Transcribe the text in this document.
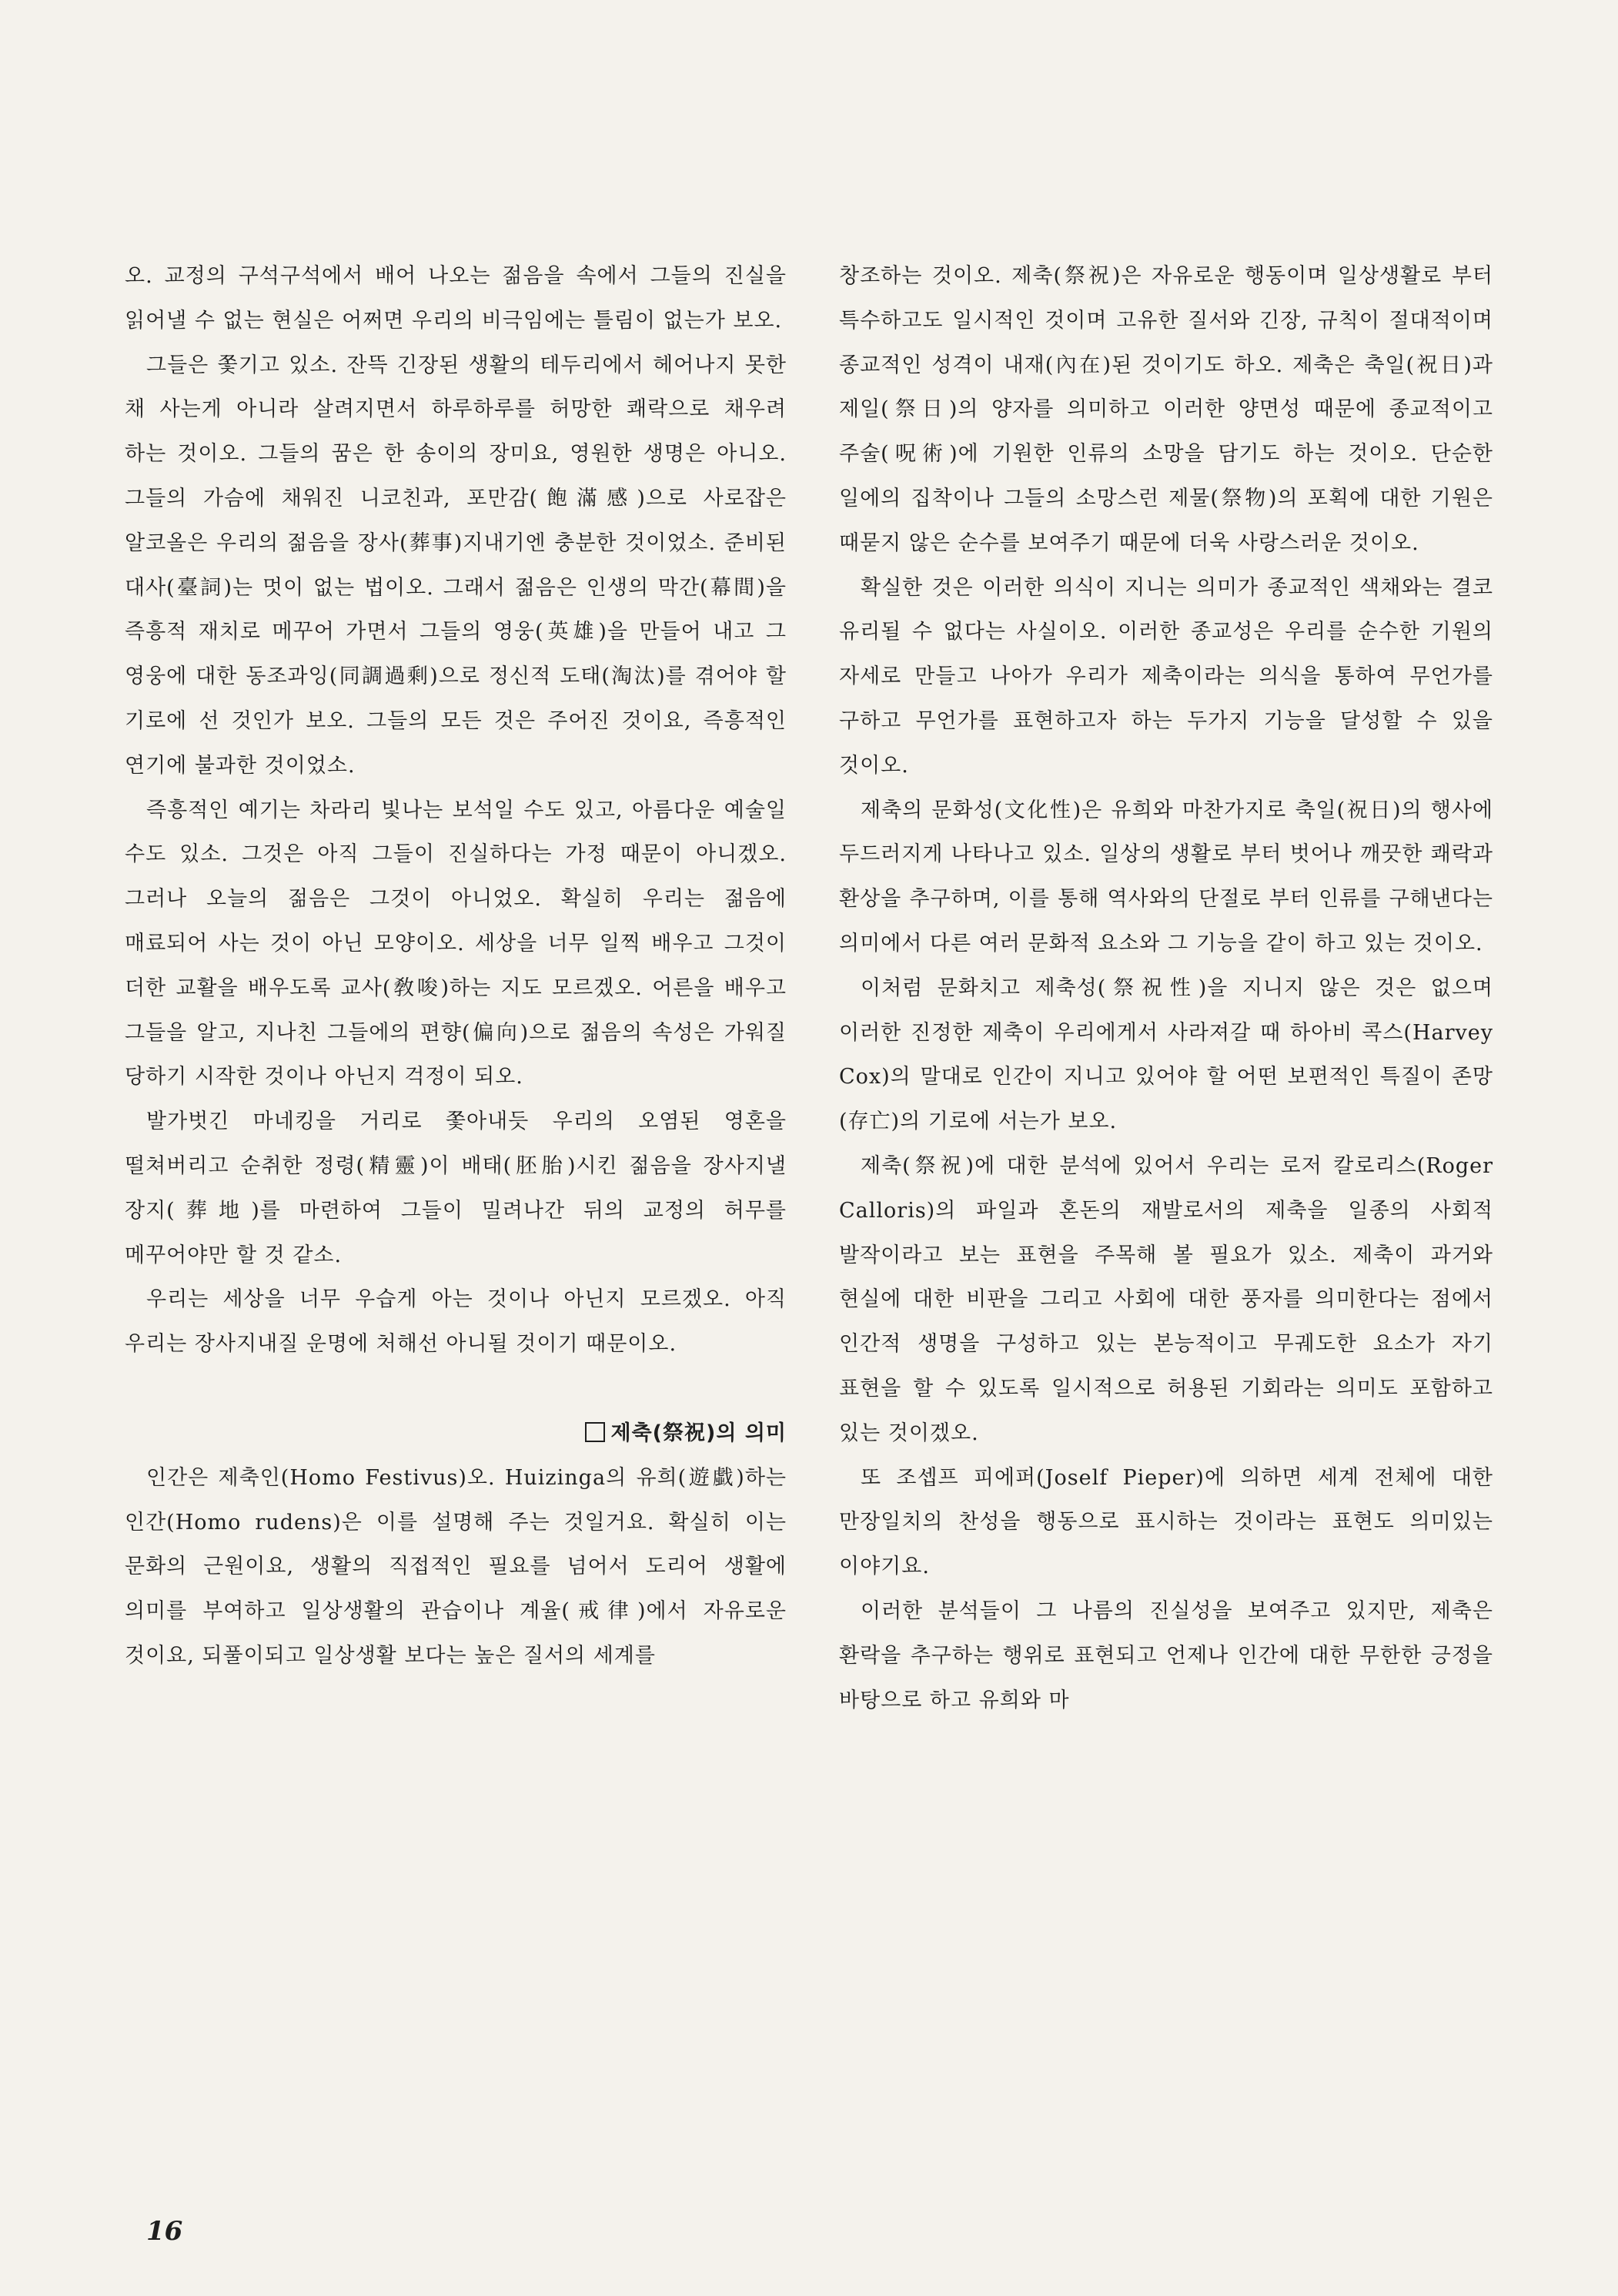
오. 교정의 구석구석에서 배어 나오는 젊음을 속에서 그들의 진실을 읽어낼 수 없는 현실은 어쩌면 우리의 비극임에는 틀림이 없는가 보오.

그들은 쫓기고 있소. 잔뜩 긴장된 생활의 테두리에서 헤어나지 못한 채 사는게 아니라 살려지면서 하루하루를 허망한 쾌락으로 채우려 하는 것이오. 그들의 꿈은 한 송이의 장미요, 영원한 생명은 아니오. 그들의 가슴에 채워진 니코친과, 포만감(飽滿感)으로 사로잡은 알코올은 우리의 젊음을 장사(葬事)지내기엔 충분한 것이었소. 준비된 대사(臺詞)는 멋이 없는 법이오. 그래서 젊음은 인생의 막간(幕間)을 즉흥적 재치로 메꾸어 가면서 그들의 영웅(英雄)을 만들어 내고 그 영웅에 대한 동조과잉(同調過剩)으로 정신적 도태(淘汰)를 겪어야 할 기로에 선 것인가 보오. 그들의 모든 것은 주어진 것이요, 즉흥적인 연기에 불과한 것이었소.

즉흥적인 예기는 차라리 빛나는 보석일 수도 있고, 아름다운 예술일 수도 있소. 그것은 아직 그들이 진실하다는 가정 때문이 아니겠오. 그러나 오늘의 젊음은 그것이 아니었오. 확실히 우리는 젊음에 매료되어 사는 것이 아닌 모양이오. 세상을 너무 일찍 배우고 그것이 더한 교활을 배우도록 교사(敎唆)하는 지도 모르겠오. 어른을 배우고 그들을 알고, 지나친 그들에의 편향(偏向)으로 젊음의 속성은 가워질 당하기 시작한 것이나 아닌지 걱정이 되오.

발가벗긴 마네킹을 거리로 쫓아내듯 우리의 오염된 영혼을 떨쳐버리고 순취한 정령(精靈)이 배태(胚胎)시킨 젊음을 장사지낼 장지(葬地)를 마련하여 그들이 밀려나간 뒤의 교정의 허무를 메꾸어야만 할 것 같소.

우리는 세상을 너무 우습게 아는 것이나 아닌지 모르겠오. 아직 우리는 장사지내질 운명에 처해선 아니될 것이기 때문이오.

제축(祭祝)의 의미

인간은 제축인(Homo Festivus)오. Huizinga의 유희(遊戱)하는 인간(Homo rudens)은 이를 설명해 주는 것일거요. 확실히 이는 문화의 근원이요, 생활의 직접적인 필요를 넘어서 도리어 생활에 의미를 부여하고 일상생활의 관습이나 계율(戒律)에서 자유로운 것이요, 되풀이되고 일상생활 보다는 높은 질서의 세계를

창조하는 것이오. 제축(祭祝)은 자유로운 행동이며 일상생활로 부터 특수하고도 일시적인 것이며 고유한 질서와 긴장, 규칙이 절대적이며 종교적인 성격이 내재(內在)된 것이기도 하오. 제축은 축일(祝日)과 제일(祭日)의 양자를 의미하고 이러한 양면성 때문에 종교적이고 주술(呪術)에 기원한 인류의 소망을 담기도 하는 것이오. 단순한 일에의 집착이나 그들의 소망스런 제물(祭物)의 포획에 대한 기원은 때묻지 않은 순수를 보여주기 때문에 더욱 사랑스러운 것이오.

확실한 것은 이러한 의식이 지니는 의미가 종교적인 색채와는 결코 유리될 수 없다는 사실이오. 이러한 종교성은 우리를 순수한 기원의 자세로 만들고 나아가 우리가 제축이라는 의식을 통하여 무언가를 구하고 무언가를 표현하고자 하는 두가지 기능을 달성할 수 있을 것이오.

제축의 문화성(文化性)은 유희와 마찬가지로 축일(祝日)의 행사에 두드러지게 나타나고 있소. 일상의 생활로 부터 벗어나 깨끗한 쾌락과 환상을 추구하며, 이를 통해 역사와의 단절로 부터 인류를 구해낸다는 의미에서 다른 여러 문화적 요소와 그 기능을 같이 하고 있는 것이오.

이처럼 문화치고 제축성(祭祝性)을 지니지 않은 것은 없으며 이러한 진정한 제축이 우리에게서 사라져갈 때 하아비 콕스(Harvey Cox)의 말대로 인간이 지니고 있어야 할 어떤 보편적인 특질이 존망(存亡)의 기로에 서는가 보오.

제축(祭祝)에 대한 분석에 있어서 우리는 로저 칼로리스(Roger Calloris)의 파일과 혼돈의 재발로서의 제축을 일종의 사회적 발작이라고 보는 표현을 주목해 볼 필요가 있소. 제축이 과거와 현실에 대한 비판을 그리고 사회에 대한 풍자를 의미한다는 점에서 인간적 생명을 구성하고 있는 본능적이고 무궤도한 요소가 자기 표현을 할 수 있도록 일시적으로 허용된 기회라는 의미도 포함하고 있는 것이겠오.

또 조셉프 피에퍼(Joself Pieper)에 의하면 세계 전체에 대한 만장일치의 찬성을 행동으로 표시하는 것이라는 표현도 의미있는 이야기요.

이러한 분석들이 그 나름의 진실성을 보여주고 있지만, 제축은 환락을 추구하는 행위로 표현되고 언제나 인간에 대한 무한한 긍정을 바탕으로 하고 유희와 마

16
